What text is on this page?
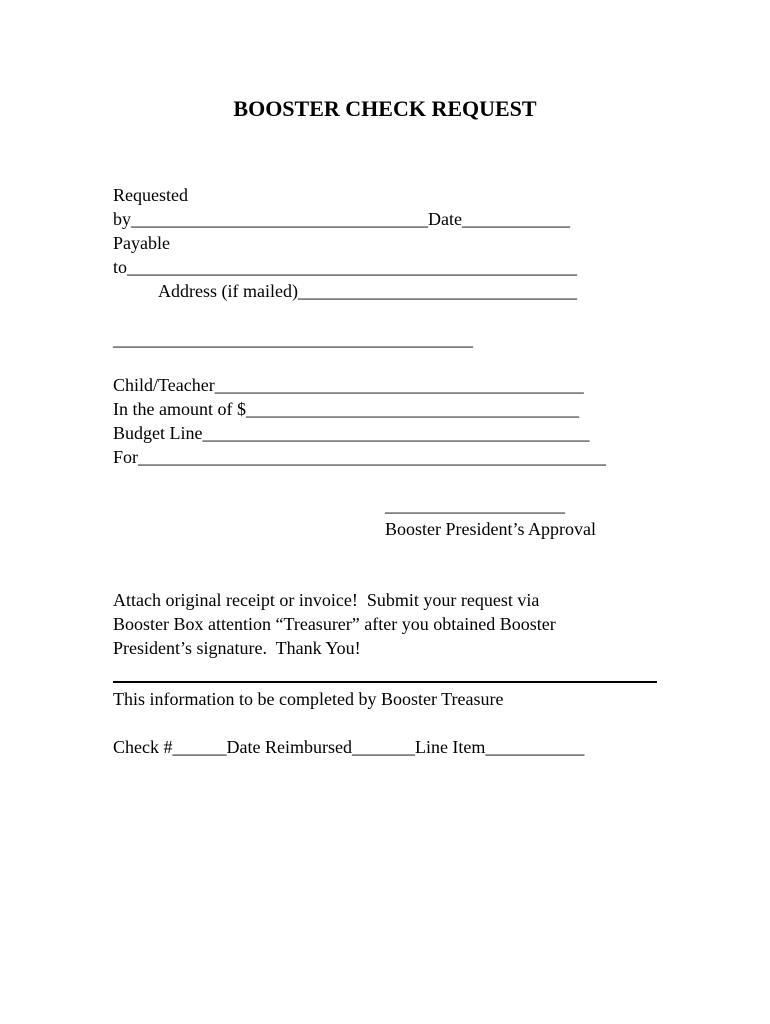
BOOSTER CHECK REQUEST
Requested
by_________________________________Date____________
Payable
to__________________________________________________
Address (if mailed)_______________________________
________________________________________
Child/Teacher_________________________________________
In the amount of $_____________________________________
Budget Line___________________________________________
For____________________________________________________
____________________
Booster President’s Approval
Attach original receipt or invoice!  Submit your request via
Booster Box attention “Treasurer” after you obtained Booster
President’s signature.  Thank You!
This information to be completed by Booster Treasure
Check #______Date Reimbursed_______Line Item___________
